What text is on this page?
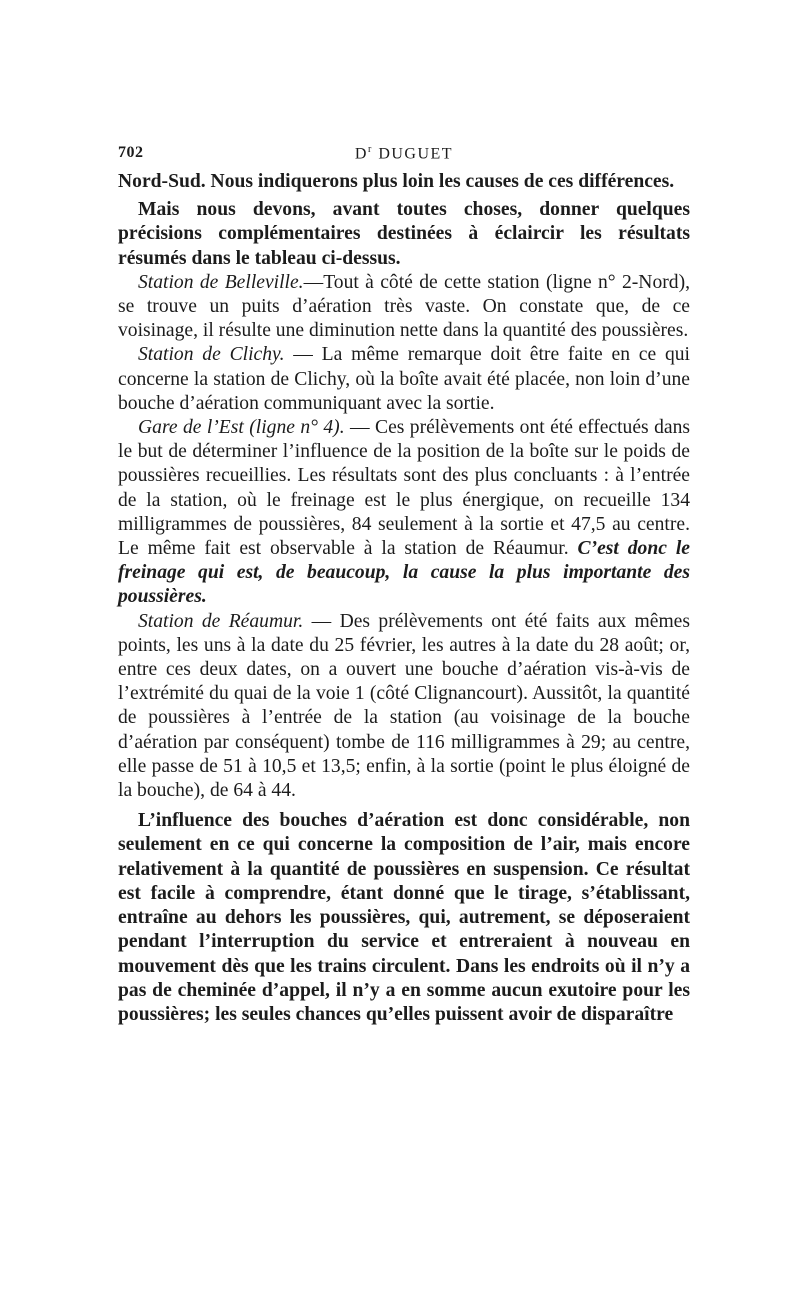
702	$D^r$ DUGUET

Nord-Sud. Nous indiquerons plus loin les causes de ces différences.

Mais nous devons, avant toutes choses, donner quelques précisions complémentaires destinées à éclaircir les résultats résumés dans le tableau ci-dessus.

Station de Belleville.—Tout à côté de cette station (ligne n° 2-Nord), se trouve un puits d’aération très vaste. On constate que, de ce voisinage, il résulte une diminution nette dans la quantité des poussières.

Station de Clichy. — La même remarque doit être faite en ce qui concerne la station de Clichy, où la boîte avait été placée, non loin d’une bouche d’aération communiquant avec la sortie.

Gare de l’Est (ligne n° 4). — Ces prélèvements ont été effectués dans le but de déterminer l’influence de la position de la boîte sur le poids de poussières recueillies. Les résultats sont des plus concluants : à l’entrée de la station, où le freinage est le plus énergique, on recueille 134 milligrammes de poussières, 84 seulement à la sortie et 47,5 au centre. Le même fait est observable à la station de Réaumur. C’est donc le freinage qui est, de beaucoup, la cause la plus importante des poussières.

Station de Réaumur. — Des prélèvements ont été faits aux mêmes points, les uns à la date du 25 février, les autres à la date du 28 août; or, entre ces deux dates, on a ouvert une bouche d’aération vis-à-vis de l’extrémité du quai de la voie 1 (côté Clignancourt). Aussitôt, la quantité de poussières à l’entrée de la station (au voisinage de la bouche d’aération par conséquent) tombe de 116 milligrammes à 29; au centre, elle passe de 51 à 10,5 et 13,5; enfin, à la sortie (point le plus éloigné de la bouche), de 64 à 44.

L’influence des bouches d’aération est donc considérable, non seulement en ce qui concerne la composition de l’air, mais encore relativement à la quantité de poussières en suspension. Ce résultat est facile à comprendre, étant donné que le tirage, s’établissant, entraîne au dehors les poussières, qui, autrement, se déposeraient pendant l’interruption du service et entreraient à nouveau en mouvement dès que les trains circulent. Dans les endroits où il n’y a pas de cheminée d’appel, il n’y a en somme aucun exutoire pour les poussières; les seules chances qu’elles puissent avoir de disparaître
